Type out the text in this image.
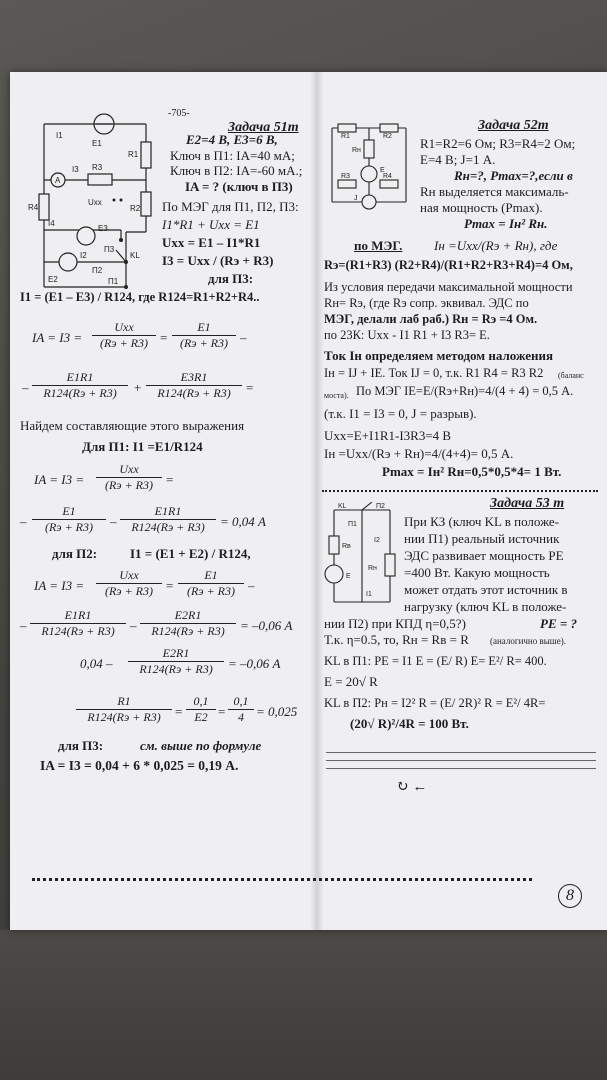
I1
E1
R1
I3 R3
A
Uxx
R2
R4
I4
E3
П3
KL
I2
П2
E2	П1
-705-
Задача 51т
E2=4 В, E3=6 В,
Ключ в П1: IA=40 мА;
Ключ в П2: IA=-60 мА.;
IA = ? (ключ в П3)
По МЭГ для П1, П2, П3:
I1*R1 + Uxx = E1
Uxx = E1 – I1*R1
I3 = Uxx / (Rэ + R3)
для П3:
I1 = (E1 – E3) / R124, где R124=R1+R2+R4..
IA = I3 =
Uxx
(Rэ + R3) =
E1
(Rэ + R3) –
–
E1R1
R124(Rэ + R3)	+
E3R1
R124(Rэ + R3)	=
Найдем составляющие этого выражения
Для П1: I1 =E1/R124
IA = I3 =
Uxx
(Rэ + R3) =
–
E1
(Rэ + R3)	–
E1R1
R124(Rэ + R3)	= 0,04 А
для П2:	I1 = (E1 + E2) / R124,
IA = I3 =
Uxx
(Rэ + R3) =
E1
(Rэ + R3) –
–
E1R1
R124(Rэ + R3)	–
E2R1
R124(Rэ + R3)	= –0,06 А
0,04 –
E2R1
R124(Rэ + R3)	= –0,06 А
R1
R124(Rэ + R3)	= $\frac{0,1}{E2} = \frac{0,1}{4} = 0,025$
для П3:	см. выше по формуле
IA = I3 = 0,04 + 6 * 0,025 = 0,19 А.
R1	R2
Rн
E
R3	R4
J
Задача 52т
R1=R2=6 Ом; R3=R4=2 Ом;
E=4 В; J=1 А.
Rн=?, Pmax=?,если в
Rн выделяется максималь-
ная мощность (Pmax).
Pmax = Iн² Rн.
по МЭГ. Iн =Uxx/(Rэ + Rн), где
Rэ=(R1+R3) (R2+R4)/(R1+R2+R3+R4)=4 Ом,
Из условия передачи максимальной мощности
Rн= Rэ, (где Rэ сопр. эквивал. ЭДС по
МЭГ, делали лаб раб.) Rн = Rэ =4 Ом.
по 23К: Uxx - I1 R1 + I3 R3= E.
Ток Iн определяем методом наложения
Iн = IJ + IE. Ток IJ = 0, т.к. R1 R4 = R3 R2 (баланс
моста). По МЭГ IE=E/(Rэ+Rн)=4/(4 + 4) = 0,5 А.
(т.к. I1 = I3 = 0, J = разрыв).
Uxx=E+I1R1-I3R3=4 В
Iн =Uxx/(Rэ + Rн)=4/(4+4)= 0,5 А.
Pmax = Iн² Rн=0,5*0,5*4= 1 Вт.
KL	П2
П1
Rв
I2
E
Rн
I1
Задача 53 т
При КЗ (ключ KL в положе-
нии П1) реальный источник
ЭДС развивает мощность PE
=400 Вт. Какую мощность
может отдать этот источник в
нагрузку (ключ KL в положе-
нии П2) при КПД η=0,5?)	PE = ?
Т.к. η=0.5, то, Rн = Rв = R (аналогично выше).
KL в П1: PE = I1 E = (E/ R) E= E²/ R= 400.
E = 20√ R
KL в П2: Pн = I2² R = (E/ 2R)² R = E²/ 4R=
(20√ R)²/4R = 100 Вт.
↻ ←
8
